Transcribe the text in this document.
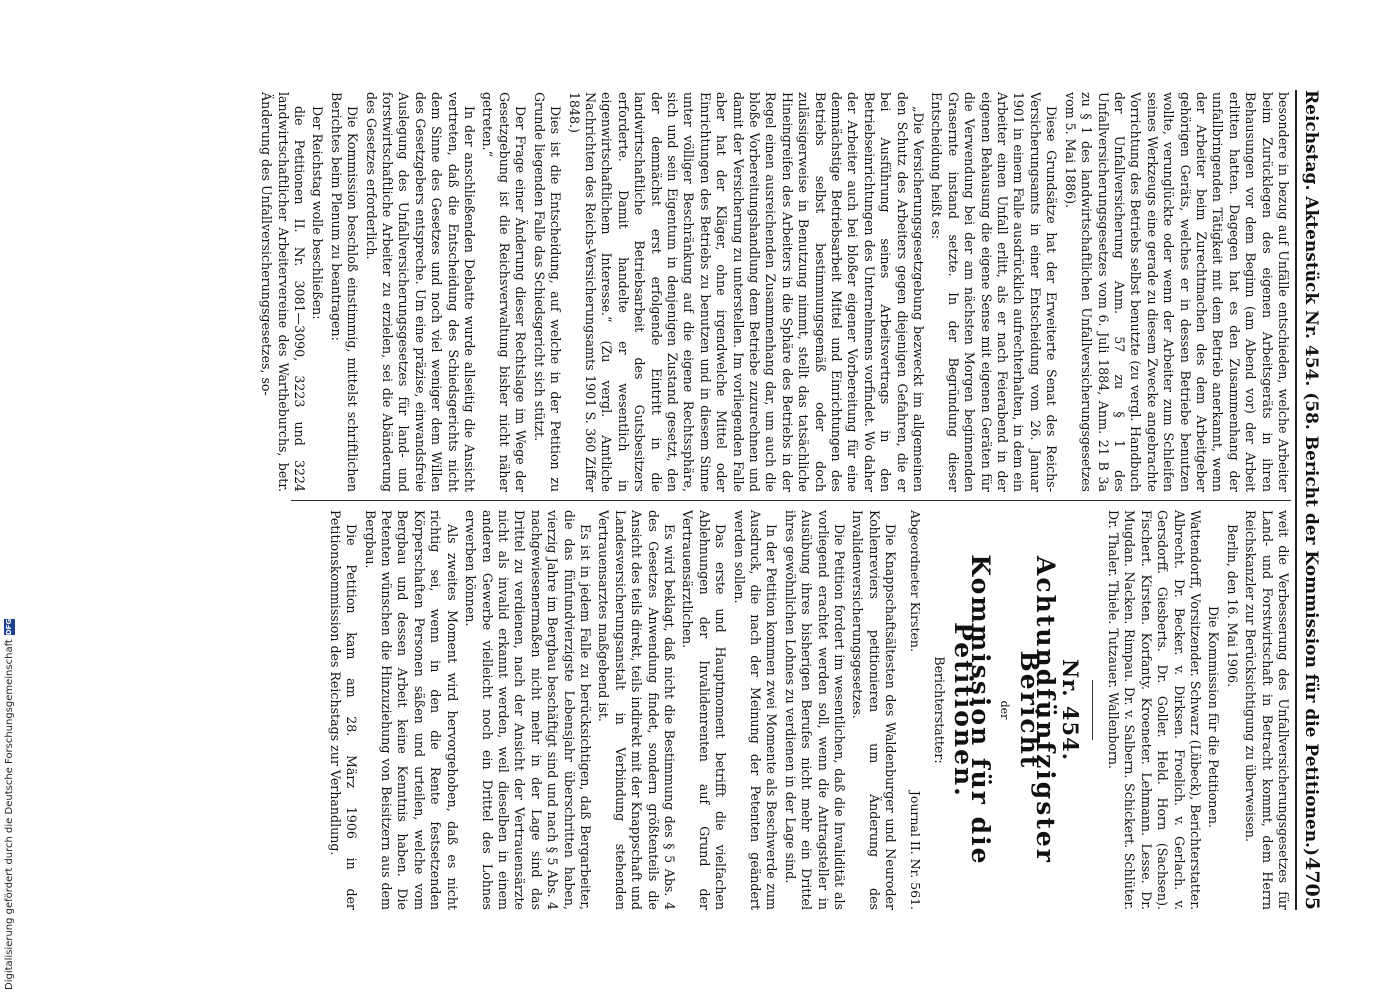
Reichstag. Aktenstück Nr. 454. (58. Bericht der Kommission für die Petitionen.)
4705

besondere in bezug auf Unfälle entschieden, welche Arbeiter beim Zurücklegen des eigenen Arbeitsgeräts in ihren Behausungen vor dem Beginn (am Abend vor) der Arbeit erlitten hatten. Dagegen hat es den Zusammenhang der unfallbringenden Tätigkeit mit dem Betrieb anerkannt, wenn der Arbeiter beim Zurechtmachen des dem Arbeitgeber gehörigen Geräts, welches er in dessen Betriebe benutzen wollte, verunglückte oder wenn der Arbeiter zum Schleifen seines Werkzeugs eine gerade zu diesem Zwecke angebrachte Vorrichtung des Betriebs selbst benutzte (zu vergl. Handbuch der Unfallversicherung Anm. 57 zu § 1 des Unfallversicherungsgesetzes vom 6. Juli 1884, Anm. 21 B 3a zu § 1 des landwirtschaftlichen Unfallversicherungsgesetzes vom 5. Mai 1886).

Diese Grundsätze hat der Erweiterte Senat des Reichs-Versicherungsamts in einer Entscheidung vom 26. Januar 1901 in einem Falle ausdrücklich aufrechterhalten, in dem ein Arbeiter einen Unfall erlitt, als er nach Feierabend in der eigenen Behausung die eigene Sense mit eigenen Geräten für die Verwendung bei der am nächsten Morgen beginnenden Grasernte instand setzte. In der Begründung dieser Entscheidung heißt es:

„Die Versicherungsgesetzgebung bezweckt im allgemeinen den Schutz des Arbeiters gegen diejenigen Gefahren, die er bei Ausführung seines Arbeitsvertrags in den Betriebseinrichtungen des Unternehmens vorfindet. Wo daher der Arbeiter auch bei bloßer eigener Vorbereitung für eine demnächstige Betriebsarbeit Mittel und Einrichtungen des Betriebs selbst bestimmungsgemäß oder doch zulässigerweise in Benutzung nimmt, stellt das tatsächliche Hineingreifen des Arbeiters in die Sphäre des Betriebs in der Regel einen ausreichenden Zusammenhang dar, um auch die bloße Vorbereitungshandlung dem Betriebe zuzurechnen und damit der Versicherung zu unterstellen. Im vorliegenden Falle aber hat der Kläger, ohne irgendwelche Mittel oder Einrichtungen des Betriebs zu benutzen und in diesem Sinne unter völliger Beschränkung auf die eigene Rechtssphäre, sich und sein Eigentum in denjenigen Zustand gesetzt, den der demnächst erst erfolgende Eintritt in die landwirtschaftliche Betriebsarbeit des Gutsbesitzers erforderte. Damit handelte er wesentlich in eigenwirtschaftlichem Interesse.“ (Zu vergl. Amtliche Nachrichten des Reichs-Versicherungsamts 1901 S. 360 Ziffer 1848.)

Dies ist die Entscheidung, auf welche in der Petition zu Grunde liegenden Falle das Schiedsgericht sich stützt.

Der Frage einer Änderung dieser Rechtslage im Wege der Gesetzgebung ist die Reichsverwaltung bisher nicht näher getreten.“

In der anschließenden Debatte wurde allseitig die Ansicht vertreten, daß die Entscheidung des Schiedsgerichts nicht dem Sinne des Gesetzes und noch viel weniger dem Willen des Gesetzgebers entspreche. Um eine präzise, einwandsfreie Auslegung des Unfallversicherungsgesetzes für land- und forstwirtschaftliche Arbeiter zu erzielen, sei die Abänderung des Gesetzes erforderlich.

Die Kommission beschloß einstimmig, mittelst schriftlichen Berichtes beim Plenum zu beantragen:

Der Reichstag wolle beschließen:

die Petitionen II. Nr. 3081—3090, 3223 und 3224 landwirtschaftlicher Arbeitervereine des Wartheburchs, betr. Änderung des Unfallversicherungsgesetzes, so-

weit die Verbesserung des Unfallversicherungsgesetzes für Land- und Forstwirtschaft in Betracht kommt, dem Herrn Reichskanzler zur Berücksichtigung zu überweisen.

Berlin, den 16. Mai 1906.

Die Kommission für die Petitionen.

Wattendorff, Vorsitzender. Schwarz (Lübeck), Berichterstatter. Albrecht. Dr. Becker. v. Dirksen. Froelich. v. Gerlach. v. Gersdorff. Giesberts. Dr. Goller. Held. Horn (Sachsen). Fischert. Kirsten. Korfanty. Kroeneter. Lehmann. Lesse. Dr. Mugdan. Nacken. Rimpau. Dr. v. Salbern. Schickert. Schlüter. Dr. Thaler. Thiele. Tutzauer. Wallenborn.

Nr. 454.
Achtundfünfzigster Bericht
der
Kommission für die Petitionen.
Berichterstatter:
Abgeordneter Kirsten.
Journal II. Nr. 561.

Die Knappschaftsältesten des Waldenburger und Neuroder Kohlenreviers petitionieren um Änderung des Invalidenversicherungsgesetzes.

Die Petition fordert im wesentlichen, daß die Invalidität als vorliegend erachtet werden soll, wenn die Antragsteller in Ausübung ihres bisherigen Berufes nicht mehr ein Drittel ihres gewöhnlichen Lohnes zu verdienen in der Lage sind.

In der Petition kommen zwei Momente als Beschwerde zum Ausdruck, die nach der Meinung der Petenten geändert werden sollen.

Das erste und Hauptmoment betrifft die vielfachen Ablehnungen der Invalidenrenten auf Grund der Vertrauensärztlichen.

Es wird beklagt, daß nicht die Bestimmung des § 5 Abs. 4 des Gesetzes Anwendung findet, sondern größtenteils die Ansicht des teils direkt, teils indirekt mit der Knappschaft und Landesversicherungsanstalt in Verbindung stehenden Vertrauensarztes maßgebend ist.

Es ist in jedem Falle zu berücksichtigen, daß Bergarbeiter, die das fünfundvierzigste Lebensjahr überschritten haben, vierzig Jahre im Bergbau beschäftigt sind und nach § 5 Abs. 4 nachgewiesenermaßen nicht mehr in der Lage sind das Drittel zu verdienen, nach der Ansicht der Vertrauensärzte nicht als invalid erkannt werden, weil dieselben in einem anderen Gewerbe vielleicht noch ein Drittel des Lohnes erwerben können.

Als zweites Moment wird hervorgehoben, daß es nicht richtig sei, wenn in den die Rente festsetzenden Körperschaften Personen säßen und urteilen, welche vom Bergbau und dessen Arbeit keine Kenntnis haben. Die Petenten wünschen die Hinzuziehung von Beisitzern aus dem Bergbau.

Die Petition kam am 28. März 1906 in der Petitionskommission des Reichstags zur Verhandlung.

Digitalisierung gefördert durch die Deutsche Forschungsgemeinschaft
DFG
